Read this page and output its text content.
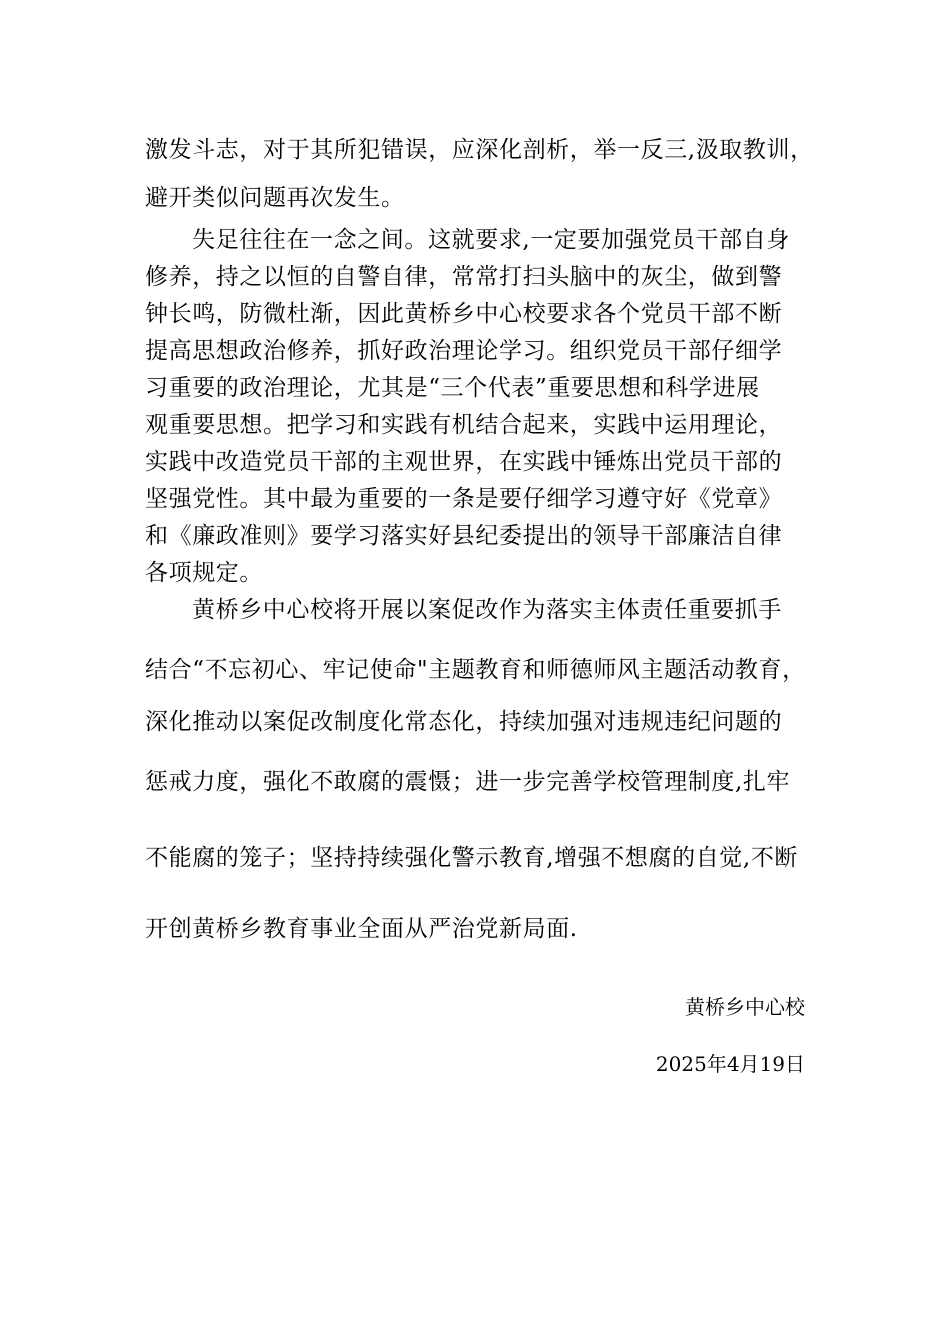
激发斗志，对于其所犯错误，应深化剖析，举一反三,汲取教训，
避开类似问题再次发生。
失足往往在一念之间。这就要求,一定要加强党员干部自身
修养，持之以恒的自警自律，常常打扫头脑中的灰尘，做到警
钟长鸣，防微杜渐，因此黄桥乡中心校要求各个党员干部不断
提高思想政治修养，抓好政治理论学习。组织党员干部仔细学
习重要的政治理论，尤其是“三个代表”重要思想和科学进展
观重要思想。把学习和实践有机结合起来，实践中运用理论，
实践中改造党员干部的主观世界，在实践中锤炼出党员干部的
坚强党性。其中最为重要的一条是要仔细学习遵守好《党章》
和《廉政准则》要学习落实好县纪委提出的领导干部廉洁自律
各项规定。
黄桥乡中心校将开展以案促改作为落实主体责任重要抓手
结合“不忘初心、牢记使命"主题教育和师德师风主题活动教育，
深化推动以案促改制度化常态化，持续加强对违规违纪问题的
惩戒力度，强化不敢腐的震慑；进一步完善学校管理制度,扎牢
不能腐的笼子；坚持持续强化警示教育,增强不想腐的自觉,不断
开创黄桥乡教育事业全面从严治党新局面.
黄桥乡中心校
2025年4月19日
